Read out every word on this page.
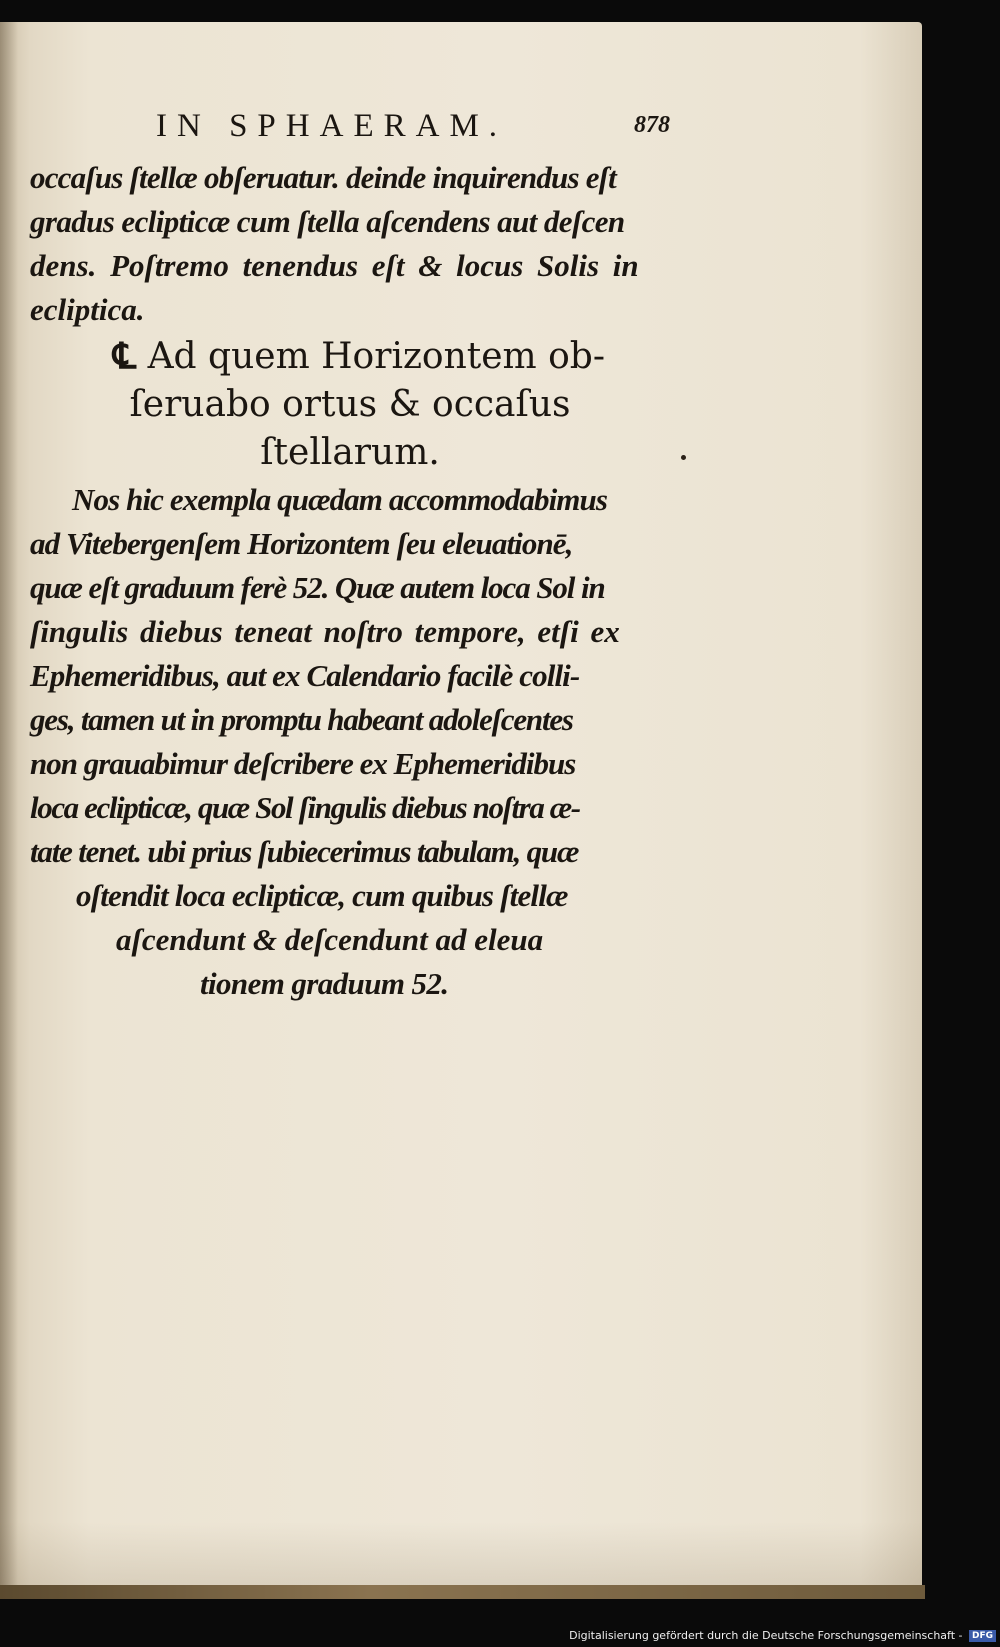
IN SPHAERAM.	878
occaſus ſtellæ obſeruatur. deinde inquirendus eſt
gradus eclipticæ cum ſtella aſcendens aut deſcen
dens. Poſtremo tenendus eſt & locus Solis in
ecliptica.
℄ Ad quem Horizontem ob-
ſeruabo ortus & occaſus
ſtellarum.
Nos hic exempla quædam accommodabimus
ad Vitebergenſem Horizontem ſeu eleuationē,
quæ eſt graduum ferè 52. Quæ autem loca Sol in
ſingulis diebus teneat noſtro tempore, etſi ex
Ephemeridibus, aut ex Calendario facilè colli-
ges, tamen ut in promptu habeant adoleſcentes
non grauabimur deſcribere ex Ephemeridibus
loca eclipticæ, quæ Sol ſingulis diebus noſtra æ-
tate tenet. ubi prius ſubiecerimus tabulam, quæ
oſtendit loca eclipticæ, cum quibus ſtellæ
aſcendunt & deſcendunt ad eleua
tionem graduum 52.
Digitalisierung gefördert durch die Deutsche Forschungsgemeinschaft - DFG
